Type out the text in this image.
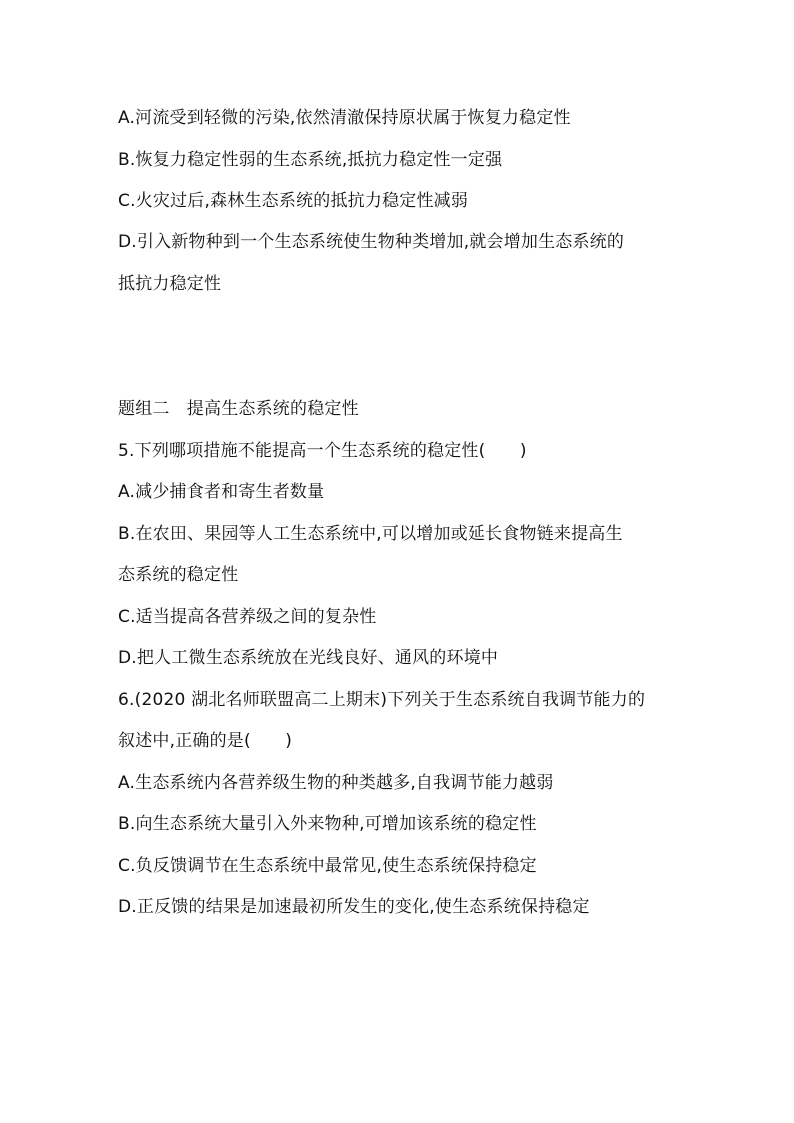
A.河流受到轻微的污染,依然清澈保持原状属于恢复力稳定性
B.恢复力稳定性弱的生态系统,抵抗力稳定性一定强
C.火灾过后,森林生态系统的抵抗力稳定性减弱
D.引入新物种到一个生态系统使生物种类增加,就会增加生态系统的
抵抗力稳定性
题组二　提高生态系统的稳定性
5.下列哪项措施不能提高一个生态系统的稳定性(　　)
A.减少捕食者和寄生者数量
B.在农田、果园等人工生态系统中,可以增加或延长食物链来提高生
态系统的稳定性
C.适当提高各营养级之间的复杂性
D.把人工微生态系统放在光线良好、通风的环境中
6.(2020 湖北名师联盟高二上期末)下列关于生态系统自我调节能力的
叙述中,正确的是(　　)
A.生态系统内各营养级生物的种类越多,自我调节能力越弱
B.向生态系统大量引入外来物种,可增加该系统的稳定性
C.负反馈调节在生态系统中最常见,使生态系统保持稳定
D.正反馈的结果是加速最初所发生的变化,使生态系统保持稳定
